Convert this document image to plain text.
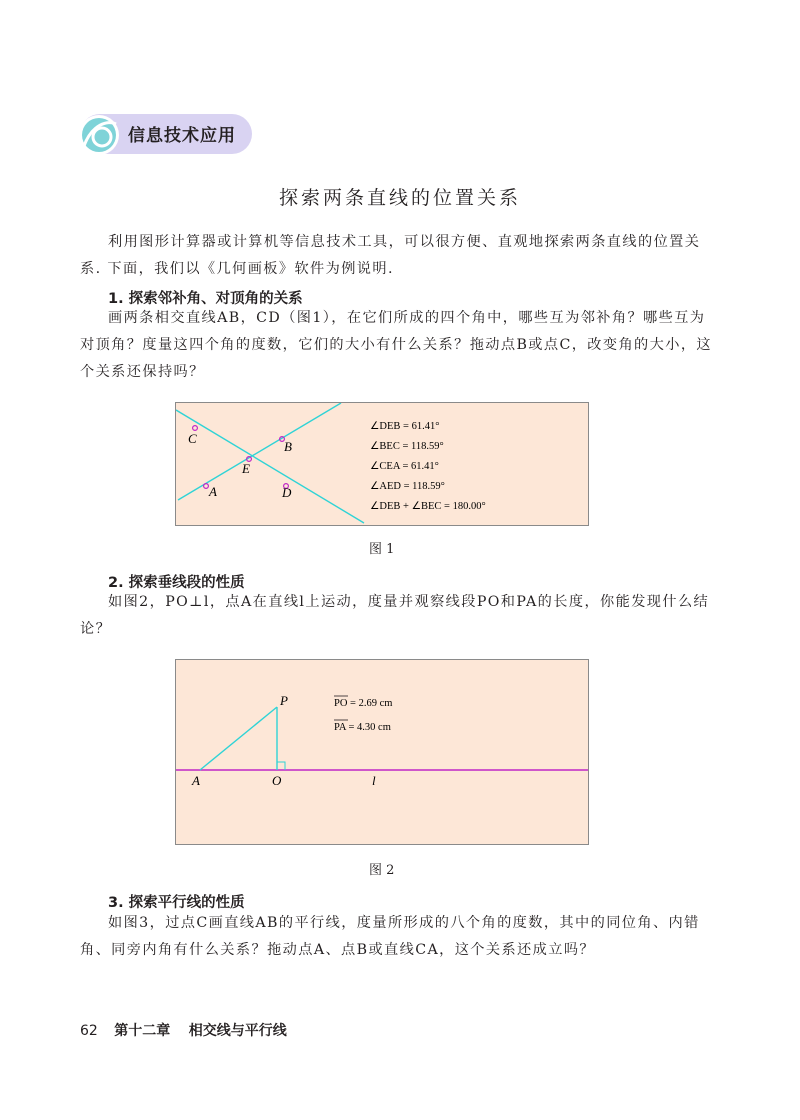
信息技术应用
探索两条直线的位置关系
利用图形计算器或计算机等信息技术工具，可以很方便、直观地探索两条直线的位置关系. 下面，我们以《几何画板》软件为例说明.
1. 探索邻补角、对顶角的关系
画两条相交直线AB，CD（图1），在它们所成的四个角中，哪些互为邻补角？哪些互为对顶角？度量这四个角的度数，它们的大小有什么关系？拖动点B或点C，改变角的大小，这个关系还保持吗？
C
B
E
A	D
∠DEB = 61.41°
∠BEC = 118.59°
∠CEA = 61.41°
∠AED = 118.59°
∠DEB + ∠BEC = 180.00°
图 1
2. 探索垂线段的性质
如图2，PO⊥l，点A在直线l上运动，度量并观察线段PO和PA的长度，你能发现什么结论？
P
A	O	l
PO = 2.69 cm
PA = 4.30 cm
图 2
3. 探索平行线的性质
如图3，过点C画直线AB的平行线，度量所形成的八个角的度数，其中的同位角、内错角、同旁内角有什么关系？拖动点A、点B或直线CA，这个关系还成立吗？
62 第十二章 相交线与平行线
